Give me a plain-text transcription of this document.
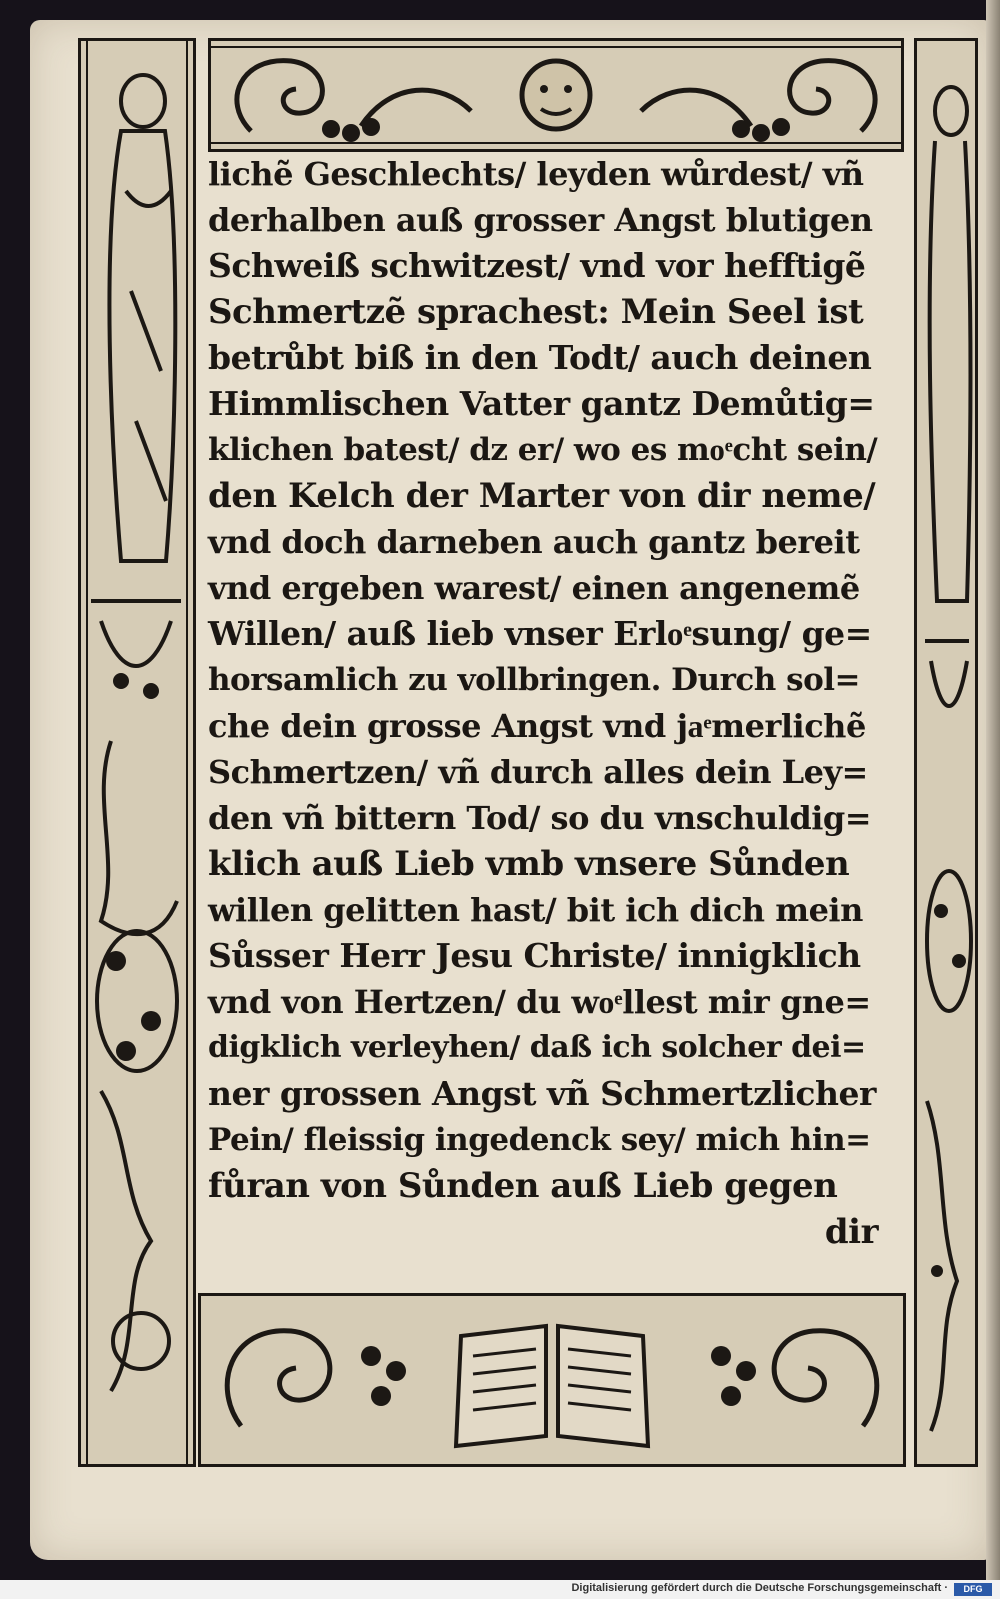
lichẽ Geschlechts/ leyden wůrdest/ vñ
derhalben auß grosser Angst blutigen
Schweiß schwitzest/ vnd vor hefftigẽ
Schmertzẽ sprachest: Mein Seel ist
betrůbt biß in den Todt/ auch deinen
Himmlischen Vatter gantz Demůtig=
klichen batest/ dz er/ wo es moͤcht sein/
den Kelch der Marter von dir neme/
vnd doch darneben auch gantz bereit
vnd ergeben warest/ einen angenemẽ
Willen/ auß lieb vnser Erloͤsung/ ge=
horsamlich zu vollbringen. Durch sol=
che dein grosse Angst vnd jaͤmerlichẽ
Schmertzen/ vñ durch alles dein Ley=
den vñ bittern Tod/ so du vnschuldig=
klich auß Lieb vmb vnsere Sůnden
willen gelitten hast/ bit ich dich mein
Sůsser Herr Jesu Christe/ innigklich
vnd von Hertzen/ du woͤllest mir gne=
digklich verleyhen/ daß ich solcher dei=
ner grossen Angst vñ Schmertzlicher
Pein/ fleissig ingedenck sey/ mich hin=
fůran von Sůnden auß Lieb gegen
dir
Digitalisierung gefördert durch die Deutsche Forschungsgemeinschaft ·	DFG
